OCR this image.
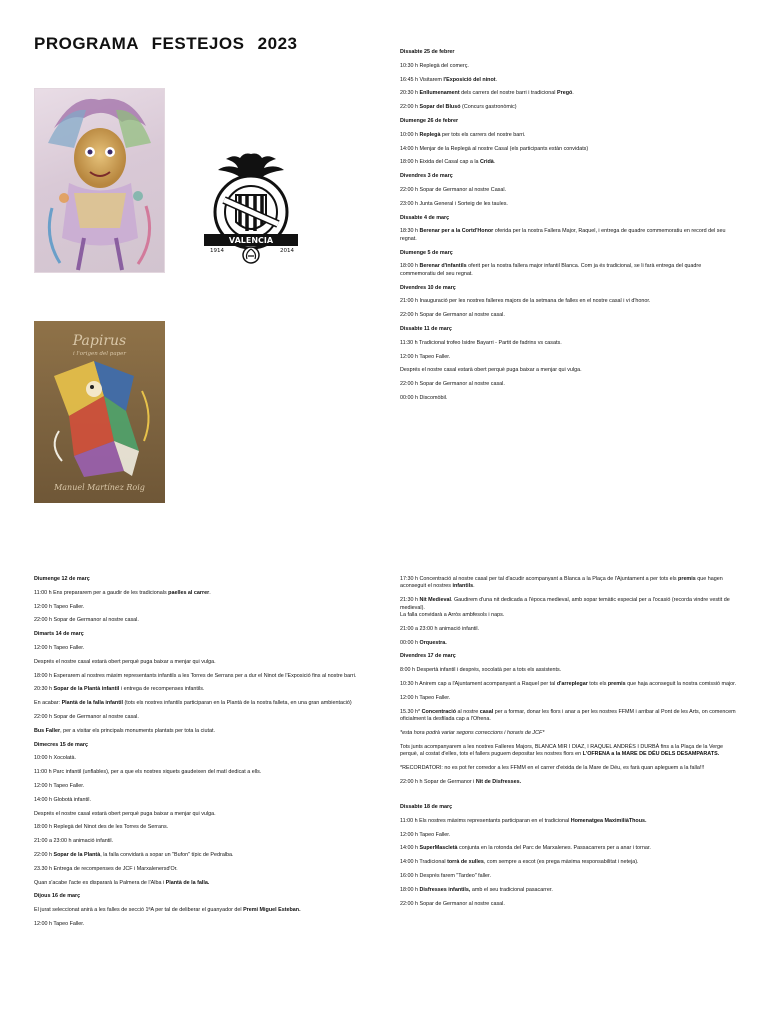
PROGRAMA FESTEJOS 2023
Papirus
i l'origen del paper
Manuel Martínez Roig
VALENCIA
1914	2014

Dissabte 25 de febrer

10:30 h Replegà del comerç.

16:45 h Visitarem l'Exposició del ninot.

20:30 h Enllumenament dels carrers del nostre barri i tradicional Pregó.

22:00 h Sopar del Blusó (Concurs gastronòmic)

Diumenge 26 de febrer

10:00 h Replegà per tots els carrers del nostre barri.

14:00 h Menjar de la Replegà al nostre Casal (els participants estàn convidats)

18:00 h Eixida del Casal cap a la Cridà.

Divendres 3 de març

22:00 h Sopar de Germanor al nostre Casal.

23:00 h Junta General i Sorteig de les taules.

Dissabte 4 de març

18:30 h Berenar per a la Cortd'Honor oferida per la nostra Fallera Major, Raquel, i entrega de quadre commemoratiu en record del seu regnat.

Diumenge 5 de març

18:00 h Berenar d'infantils oferit per la nostra fallera major infantil Blanca. Com ja és tradicional, se li farà entrega del quadre commemoratiu del seu regnat.

Divendres 10 de març

21:00 h Inauguració per les nostres falleres majors de la setmana de falles en el nostre casal i vi d'honor.

22:00 h Sopar de Germanor al nostre casal.

Dissabte 11 de març

11:30 h Tradicional trofeo Isidre Bayarri - Partit de fadrins vs casats.

12:00 h Tapeo Faller.

Després el nostre casal estarà obert perquè puga baixar a menjar qui vulga.

22:00 h Sopar de Germanor al nostre casal.

00:00 h Discomòbil.

Diumenge 12 de març

11:00 h Ens prepararem per a gaudir de les tradicionals paelles al carrer.

12:00 h Tapeo Faller.

22:00 h Sopar de Germanor al nostre casal.

Dimarts 14 de març

12:00 h Tapeo Faller.

Després el nostre casal estarà obert perquè puga baixar a menjar qui vulga.

18:00 h Esperarem al nostres màxim representants infantils a les Torres de Serrans per a dur el Ninot de l'Exposició fins al nostre barri.

20:30 h Sopar de la Plantà infantil i entrega de recompenses infantils.

En acabar: Plantà de la falla infantil (tots els nostres infantils participaran en la Plantà de la nostra falleta, en una gran ambientació)

22:00 h Sopar de Germanor al nostre casal.

Bus Faller, per a visitar els principals monuments plantats per tota la ciutat.

Dimecres 15 de març

10:00 h Xocolatà.

11:00 h Parc infantil (unflables), per a que els nostres xiquets gaudeixen del matí dedicat a ells.

12:00 h Tapeo Faller.

14:00 h Globotà infantil.

Després el nostre casal estarà obert perquè puga baixar a menjar qui vulga.

18:00 h Replegà del Ninot des de les Torres de Serrans.

21:00 a 23:00 h animació infantil.

22:00 h Sopar de la Plantà, la falla convidarà a sopar un "Bufon" típic de Pedralba.

23.30 h Entrega de recompenses de JCF i Marxalenersd'Or.

Quan s'acabe l'acte es dispararà la Palmera de l'Alba i Plantà de la falla.

Dijous 16 de març

El jurat seleccionat anirà a les falles de secció 1ªA per tal de deliberar el guanyador del Premi Miguel Esteban.

12:00 h Tapeo Faller.

17:30 h Concentració al nostre casal per tal d'acudir acompanyant a Blanca a la Plaça de l'Ajuntament a per tots els premis que hagen aconseguit el nostres infantils.

21:30 h Nit Medieval. Gaudirem d'una nit dedicada a l'època medieval, amb sopar temàtic especial per a l'ocasió (recorda vindre vestit de medieval).
La falla convidarà a Arròs ambfesols i naps.

21:00 a 23:00 h animació infantil.

00:00 h Orquestra.

Divendres 17 de març

8:00 h Despertà infantil i després, xocolatà per a tots els assistents.

10:30 h Anirem cap a l'Ajuntament acompanyant a Raquel per tal d'arreplegar tots els premis que haja aconseguit la nostra comissió major.

12:00 h Tapeo Faller.

15.30 h* Concentració al nostre casal per a formar, donar les flors i anar a per les nostres FFMM i arribar al Pont de les Arts, on comencem oficialment la desfilada cap a l'Ofrena.

*esta hora podrà variar segons correccions i horaris de JCF*

Tots junts acompanyarem a les nostres Falleres Majors, BLANCA MIR I DIAZ, I RAQUEL ANDRÉS I DURBÀ fins a la Plaça de la Verge perquè, al costat d'elles, tots el fallers puguem depositar les nostres flors en L'OFRENA a la MARE DE DÉU DELS DESAMPARATS.

*RECORDATORI: no es pot fer corredor a les FFMM en el carrer d'eixida de la Mare de Déu, es farà quan apleguem a la falla!!!

22:00 h h Sopar de Germanor i Nit de Disfresses.

Dissabte 18 de març

11:00 h Els nostres màxims representants participaran en el tradicional Homenatgea MaximiliàThous.

12:00 h Tapeo Faller.

14:00 h SuperMascletà conjunta en la rotonda del Parc de Marxalenes. Passacarrers per a anar i tornar.

14:00 h Tradicional torrà de xulles, com sempre a escot (es prega màxima responsabilitat i neteja).

16:00 h Després farem "Tardeo" faller.

18:00 h Disfresses infantils, amb el seu tradicional pasacarrer.

22:00 h Sopar de Germanor al nostre casal.
